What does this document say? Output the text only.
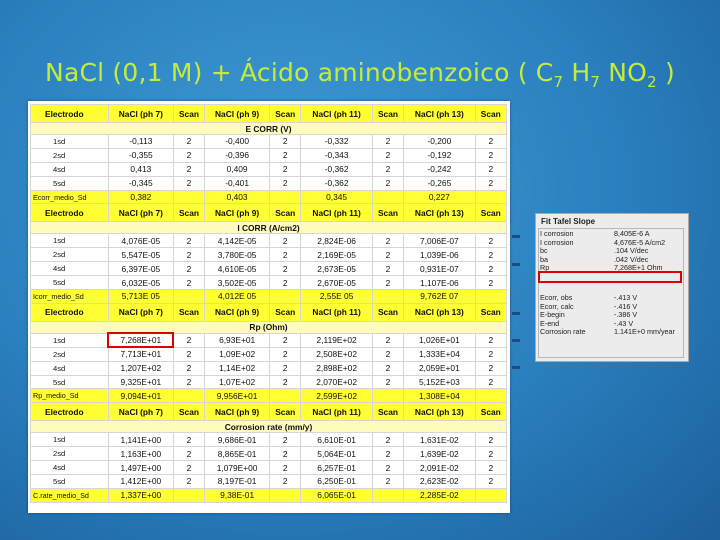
NaCl (0,1 M) + Ácido aminobenzoico ( $C_7$ $H_7$ $NO_2$ )
Electrodo	NaCl (ph 7)	Scan	NaCl (ph 9)	Scan	NaCl (ph 11)	Scan	NaCl (ph 13)	Scan
E CORR (V)								
1sd	-0,113	2	-0,400	2	-0,332	2	-0,200	2
2sd	-0,355	2	-0,396	2	-0,343	2	-0,192	2
4sd	0,413	2	0,409	2	-0,362	2	-0,242	2
5sd	-0,345	2	-0,401	2	-0,362	2	-0,265	2
Ecorr_medio_Sd	0,382		0,403		0,345		0,227	
Electrodo	NaCl (ph 7)	Scan	NaCl (ph 9)	Scan	NaCl (ph 11)	Scan	NaCl (ph 13)	Scan
I CORR (A/cm2)								
1sd	4,076E-05	2	4,142E-05	2	2,824E-06	2	7,006E-07	2
2sd	5,547E-05	2	3,780E-05	2	2,169E-05	2	1,039E-06	2
4sd	6,397E-05	2	4,610E-05	2	2,673E-05	2	0,931E-07	2
5sd	6,032E-05	2	3,502E-05	2	2,670E-05	2	1,107E-06	2
Icorr_medio_Sd	5,713E 05		4,012E 05		2,55E 05		9,762E 07	
Electrodo	NaCl (ph 7)	Scan	NaCl (ph 9)	Scan	NaCl (ph 11)	Scan	NaCl (ph 13)	Scan
Rp (Ohm)								
1sd	7,268E+01	2	6,93E+01	2	2,119E+02	2	1,026E+01	2
2sd	7,713E+01	2	1,09E+02	2	2,508E+02	2	1,333E+04	2
4sd	1,207E+02	2	1,14E+02	2	2,898E+02	2	2,059E+01	2
5sd	9,325E+01	2	1,07E+02	2	2,070E+02	2	5,152E+03	2
Rp_medio_Sd	9,094E+01		9,956E+01		2,599E+02		1,308E+04	
Electrodo	NaCl (ph 7)	Scan	NaCl (ph 9)	Scan	NaCl (ph 11)	Scan	NaCl (ph 13)	Scan
Corrosion rate (mm/y)								
1sd	1,141E+00	2	9,686E-01	2	6,610E-01	2	1,631E-02	2
2sd	1,163E+00	2	8,865E-01	2	5,064E-01	2	1,639E-02	2
4sd	1,497E+00	2	1,079E+00	2	6,257E-01	2	2,091E-02	2
5sd	1,412E+00	2	8,197E-01	2	6,250E-01	2	2,623E-02	2
C.rate_medio_Sd	1,337E+00		9,38E-01		6,065E-01		2,285E-02	
Fit Tafel Slope
I corrosion	8,405E-6 A
I corrosion	4,676E-5 A/cm2
bc	.104 V/dec
ba	.042 V/dec
Rp	7,268E+1 Ohm
Ecorr, obs	-.413 V
Ecorr, calc	-.416 V
E-begin	-.386 V
E-end	-.43 V
Corrosion rate	1.141E+0 mm/year
